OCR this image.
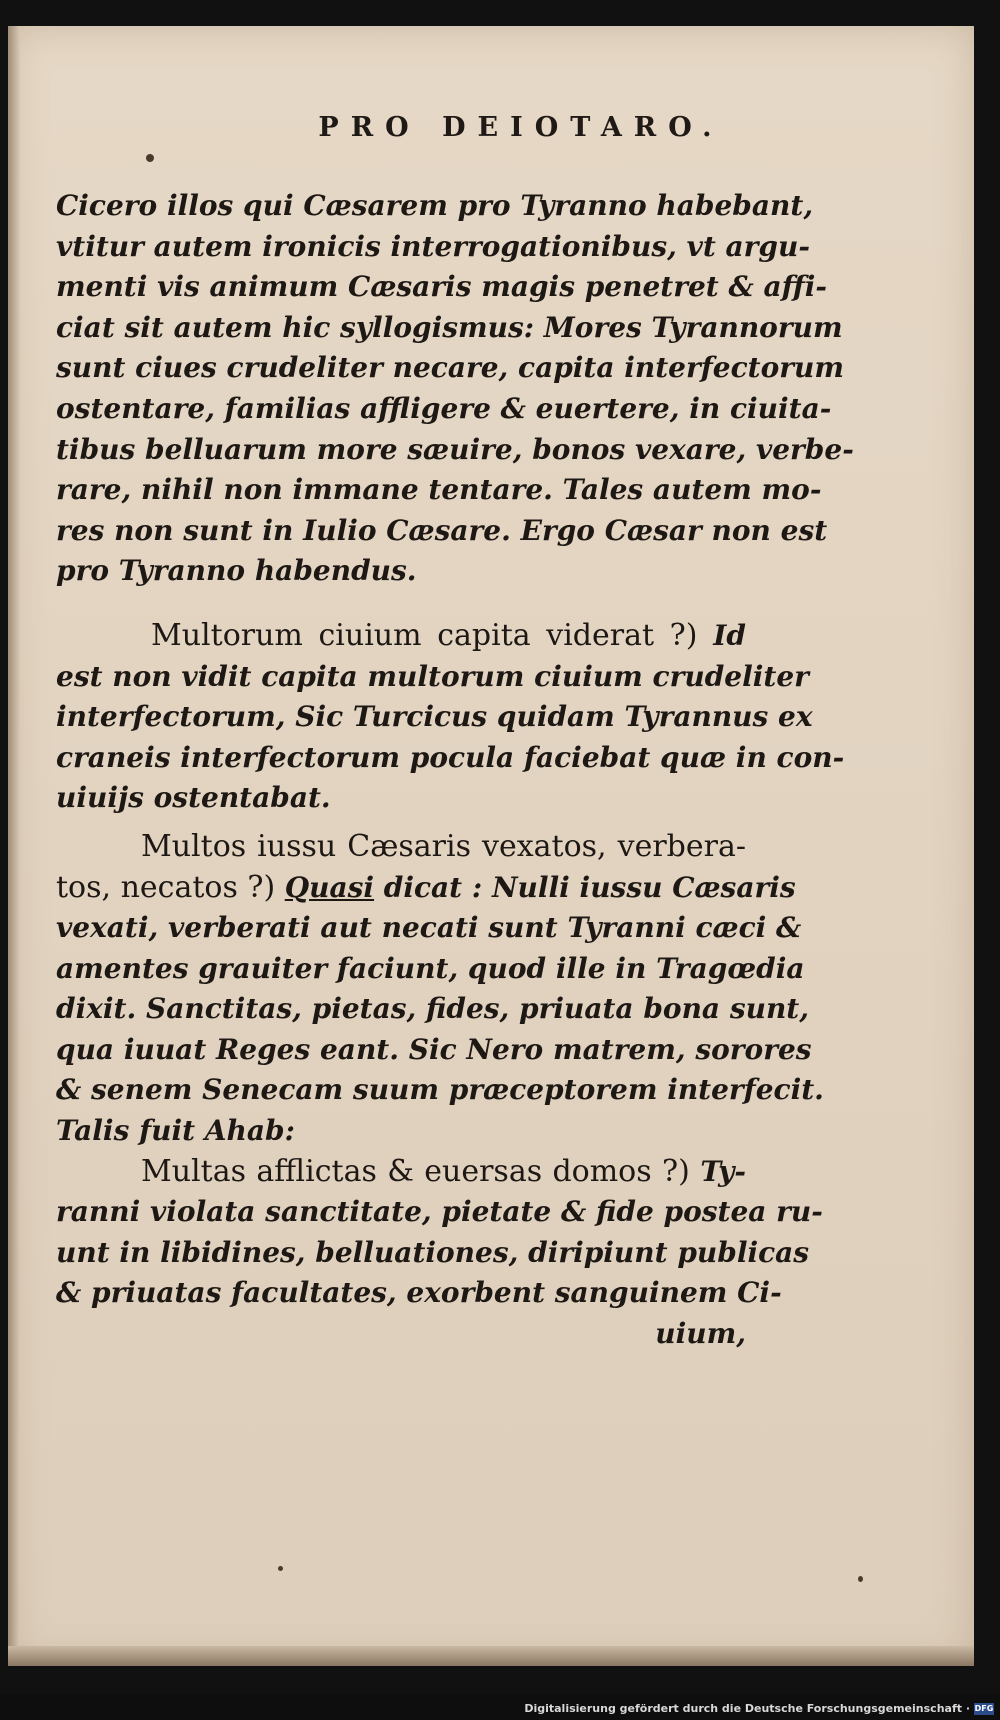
PRO DEIOTARO.
Cicero illos qui Cæsarem pro Tyranno habebant,
vtitur autem ironicis interrogationibus, vt argu-
menti vis animum Cæsaris magis penetret & affi-
ciat sit autem hic syllogismus: Mores Tyrannorum
sunt ciues crudeliter necare, capita interfectorum
ostentare, familias affligere & euertere, in ciuita-
tibus belluarum more sæuire, bonos vexare, verbe-
rare, nihil non immane tentare. Tales autem mo-
res non sunt in Iulio Cæsare. Ergo Cæsar non est
pro Tyranno habendus.
Multorum ciuium capita viderat ?) Id
est non vidit capita multorum ciuium crudeliter
interfectorum, Sic Turcicus quidam Tyrannus ex
craneis interfectorum pocula faciebat quæ in con-
uiuijs ostentabat.
Multos iussu Cæsaris vexatos, verbera-
tos, necatos ?) Quasi dicat : Nulli iussu Cæsaris
vexati, verberati aut necati sunt Tyranni cæci &
amentes grauiter faciunt, quod ille in Tragœdia
dixit. Sanctitas, pietas, fides, priuata bona sunt,
qua iuuat Reges eant. Sic Nero matrem, sorores
& senem Senecam suum præceptorem interfecit.
Talis fuit Ahab:
Multas afflictas & euersas domos ?) Ty-
ranni violata sanctitate, pietate & fide postea ru-
unt in libidines, belluationes, diripiunt publicas
& priuatas facultates, exorbent sanguinem Ci-
uium,
Digitalisierung gefördert durch die Deutsche Forschungsgemeinschaft · DFG
